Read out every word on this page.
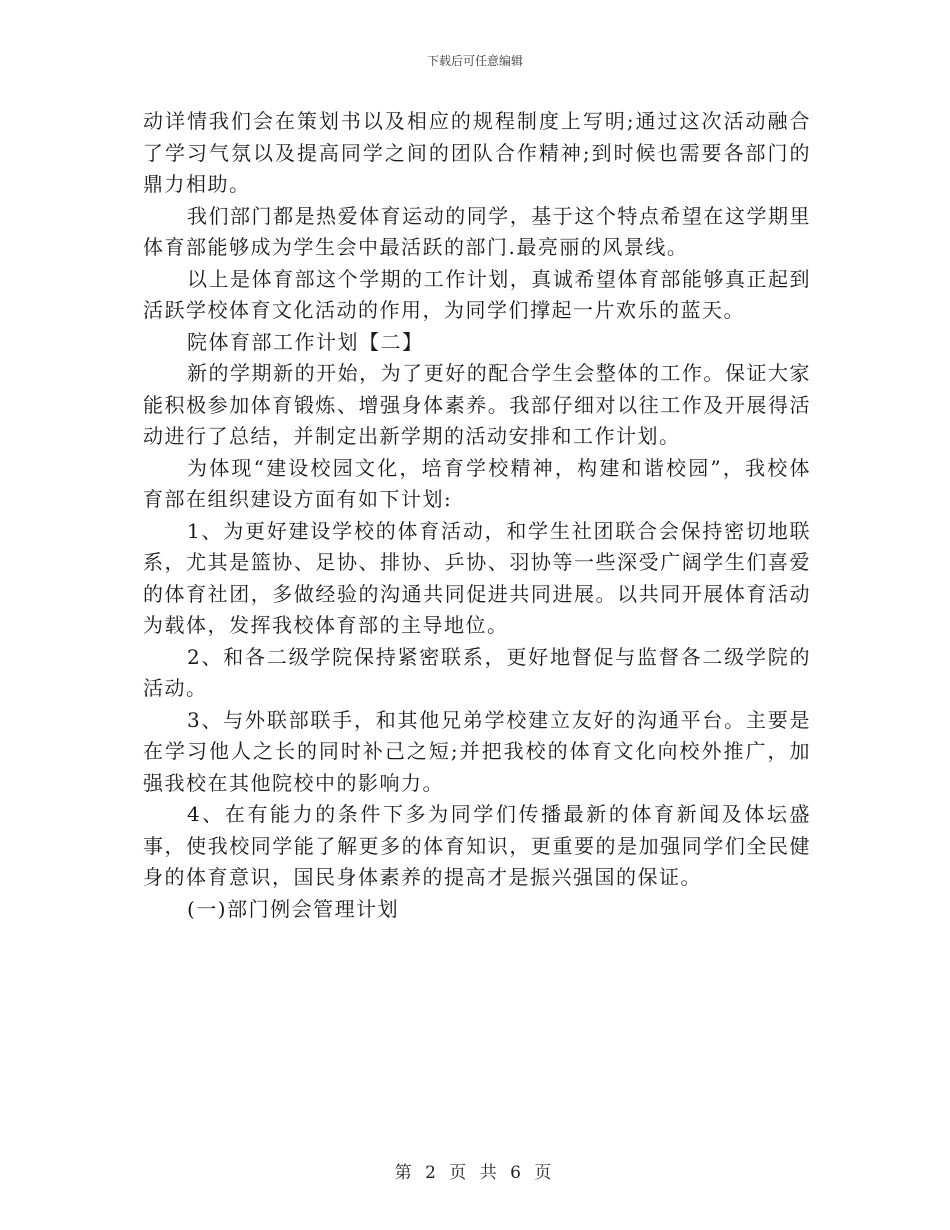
下载后可任意编辑

动详情我们会在策划书以及相应的规程制度上写明;通过这次活动融合了学习气氛以及提高同学之间的团队合作精神;到时候也需要各部门的鼎力相助。

我们部门都是热爱体育运动的同学，基于这个特点希望在这学期里体育部能够成为学生会中最活跃的部门.最亮丽的风景线。

以上是体育部这个学期的工作计划，真诚希望体育部能够真正起到活跃学校体育文化活动的作用，为同学们撑起一片欢乐的蓝天。

院体育部工作计划【二】

新的学期新的开始，为了更好的配合学生会整体的工作。保证大家能积极参加体育锻炼、增强身体素养。我部仔细对以往工作及开展得活动进行了总结，并制定出新学期的活动安排和工作计划。

为体现“建设校园文化，培育学校精神，构建和谐校园”，我校体育部在组织建设方面有如下计划:

1、为更好建设学校的体育活动，和学生社团联合会保持密切地联系，尤其是篮协、足协、排协、乒协、羽协等一些深受广阔学生们喜爱的体育社团，多做经验的沟通共同促进共同进展。以共同开展体育活动为载体，发挥我校体育部的主导地位。

2、和各二级学院保持紧密联系，更好地督促与监督各二级学院的活动。

3、与外联部联手，和其他兄弟学校建立友好的沟通平台。主要是在学习他人之长的同时补己之短;并把我校的体育文化向校外推广，加强我校在其他院校中的影响力。

4、在有能力的条件下多为同学们传播最新的体育新闻及体坛盛事，使我校同学能了解更多的体育知识，更重要的是加强同学们全民健身的体育意识，国民身体素养的提高才是振兴强国的保证。

(一)部门例会管理计划

第 2 页 共 6 页
